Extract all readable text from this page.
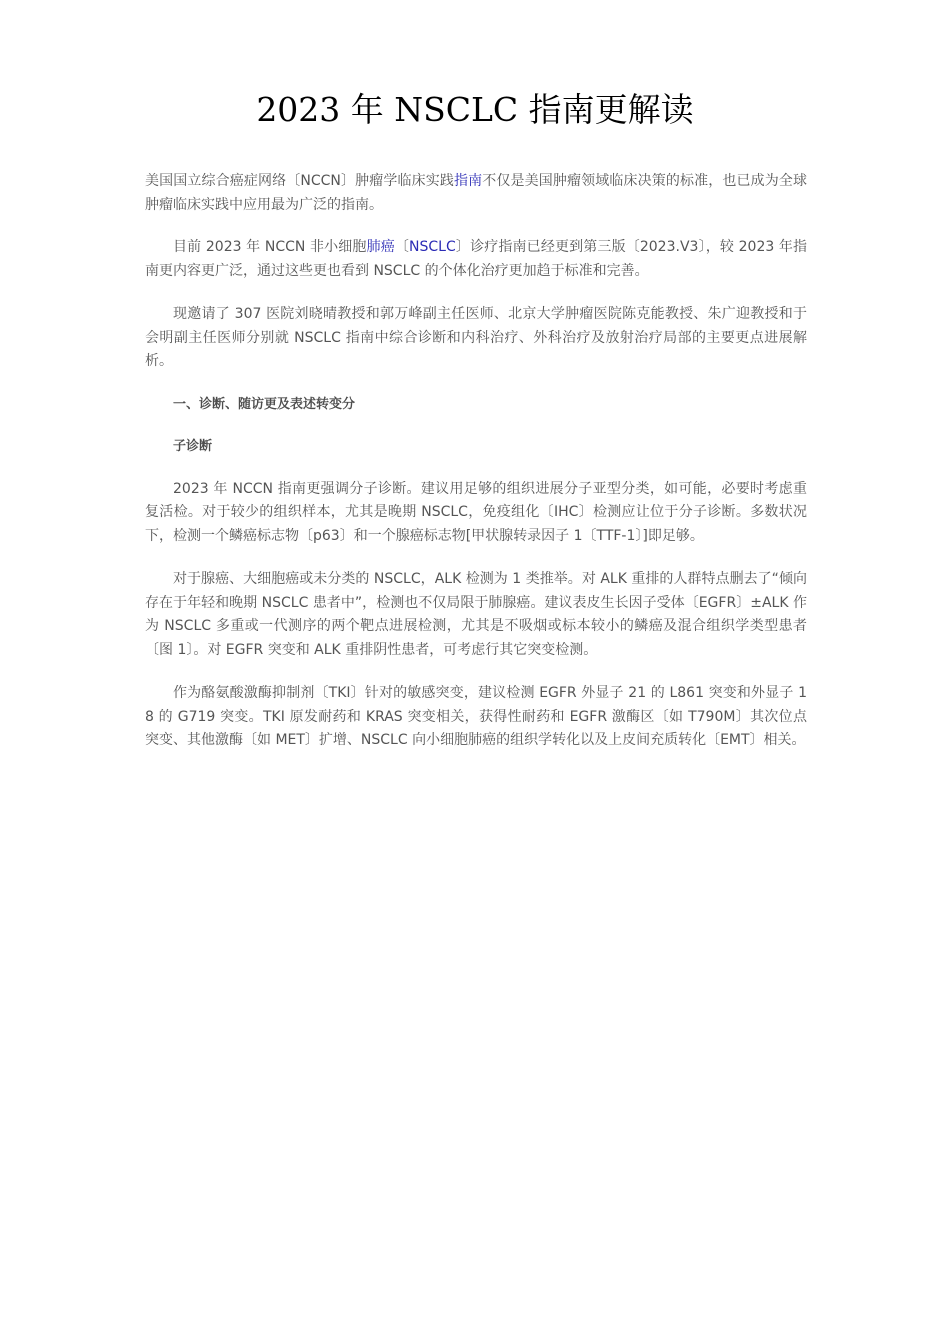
2023 年 NSCLC 指南更解读

美国国立综合癌症网络〔NCCN〕肿瘤学临床实践指南不仅是美国肿瘤领域临床决策的标准，也已成为全球肿瘤临床实践中应用最为广泛的指南。

目前 2023 年 NCCN 非小细胞肺癌〔NSCLC〕诊疗指南已经更到第三版〔2023.V3〕，较 2023 年指南更内容更广泛，通过这些更也看到 NSCLC 的个体化治疗更加趋于标准和完善。

现邀请了 307 医院刘晓晴教授和郭万峰副主任医师、北京大学肿瘤医院陈克能教授、朱广迎教授和于会明副主任医师分别就 NSCLC 指南中综合诊断和内科治疗、外科治疗及放射治疗局部的主要更点进展解析。

一、诊断、随访更及表述转变分

子诊断

2023 年 NCCN 指南更强调分子诊断。建议用足够的组织进展分子亚型分类，如可能，必要时考虑重复活检。对于较少的组织样本，尤其是晚期 NSCLC，免疫组化〔IHC〕检测应让位于分子诊断。多数状况下，检测一个鳞癌标志物〔p63〕和一个腺癌标志物[甲状腺转录因子 1〔TTF-1〕]即足够。

对于腺癌、大细胞癌或未分类的 NSCLC，ALK 检测为 1 类推举。对 ALK 重排的人群特点删去了“倾向存在于年轻和晚期 NSCLC 患者中”，检测也不仅局限于肺腺癌。建议表皮生长因子受体〔EGFR〕±ALK 作为 NSCLC 多重或一代测序的两个靶点进展检测，尤其是不吸烟或标本较小的鳞癌及混合组织学类型患者〔图 1〕。对 EGFR 突变和 ALK 重排阴性患者，可考虑行其它突变检测。

作为酪氨酸激酶抑制剂〔TKI〕针对的敏感突变，建议检测 EGFR 外显子 21 的 L861 突变和外显子 18 的 G719 突变。TKI 原发耐药和 KRAS 突变相关，获得性耐药和 EGFR 激酶区〔如 T790M〕其次位点突变、其他激酶〔如 MET〕扩增、NSCLC 向小细胞肺癌的组织学转化以及上皮间充质转化〔EMT〕相关。
